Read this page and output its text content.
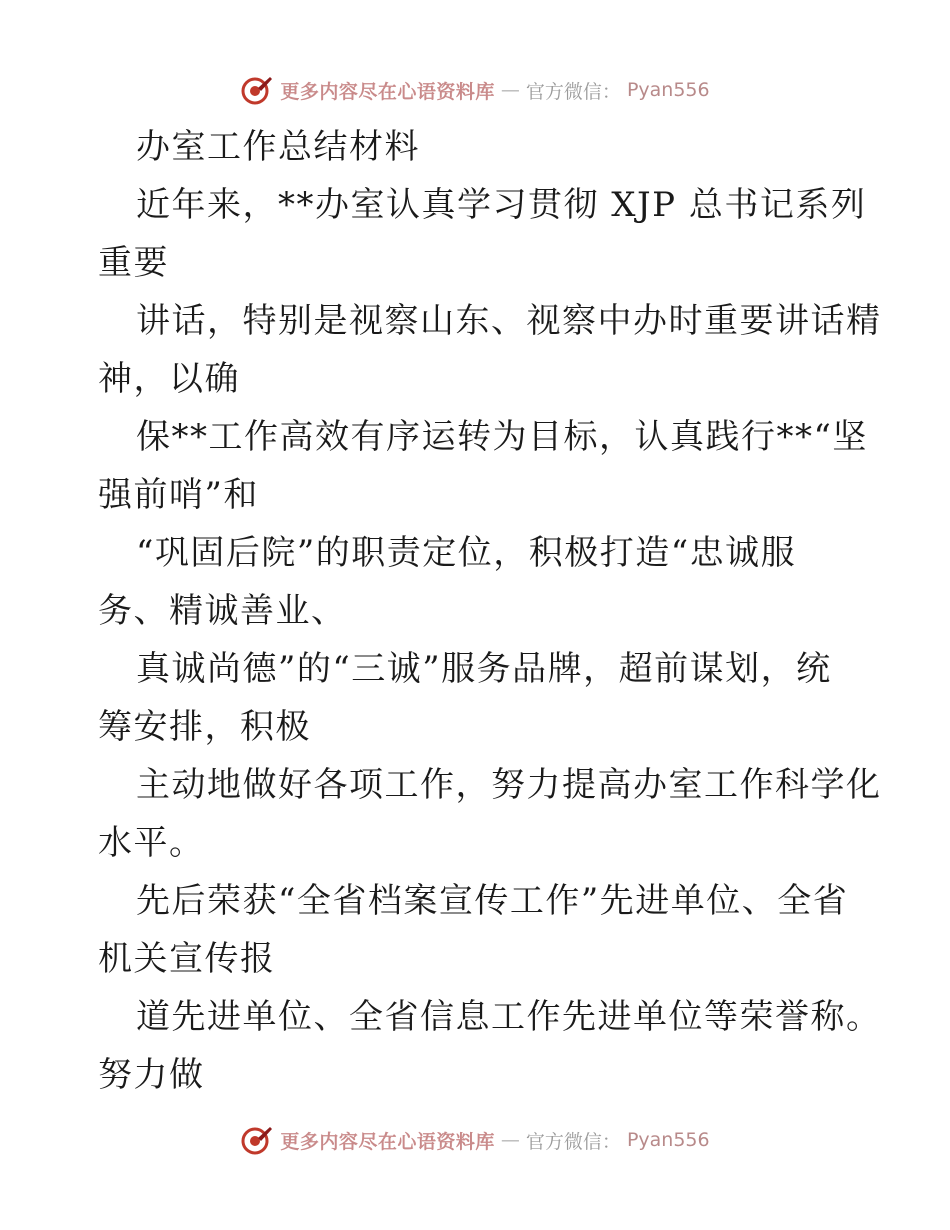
更多内容尽在心语资料库 — 官方微信： Pyan556

办室工作总结材料

近年来，**办室认真学习贯彻 XJP 总书记系列
重要

讲话，特别是视察山东、视察中办时重要讲话精
神，以确

保**工作高效有序运转为目标，认真践行**“坚
强前哨”和

“巩固后院”的职责定位，积极打造“忠诚服
务、精诚善业、

真诚尚德”的“三诚”服务品牌，超前谋划，统
筹安排，积极

主动地做好各项工作，努力提高办室工作科学化
水平。

先后荣获“全省档案宣传工作”先进单位、全省
机关宣传报

道先进单位、全省信息工作先进单位等荣誉称。
努力做

更多内容尽在心语资料库 — 官方微信： Pyan556
